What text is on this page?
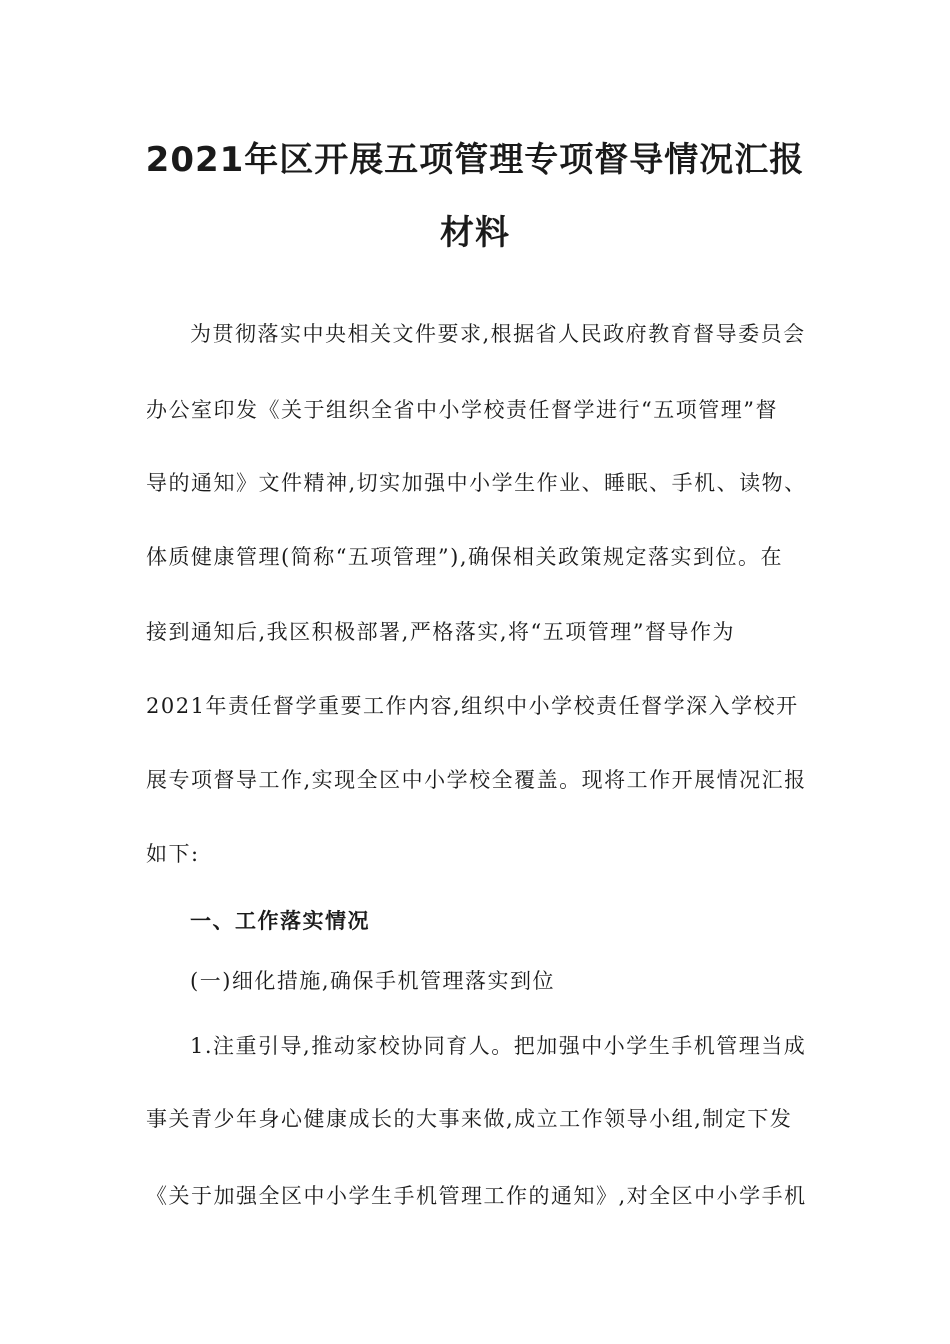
2021年区开展五项管理专项督导情况汇报
材料
为贯彻落实中央相关文件要求,根据省人民政府教育督导委员会
办公室印发《关于组织全省中小学校责任督学进行“五项管理”督
导的通知》文件精神,切实加强中小学生作业、睡眠、手机、读物、
体质健康管理(简称“五项管理”),确保相关政策规定落实到位。在
接到通知后,我区积极部署,严格落实,将“五项管理”督导作为
2021年责任督学重要工作内容,组织中小学校责任督学深入学校开
展专项督导工作,实现全区中小学校全覆盖。现将工作开展情况汇报
如下:
一、工作落实情况
(一)细化措施,确保手机管理落实到位
1.注重引导,推动家校协同育人。把加强中小学生手机管理当成
事关青少年身心健康成长的大事来做,成立工作领导小组,制定下发
《关于加强全区中小学生手机管理工作的通知》,对全区中小学手机
